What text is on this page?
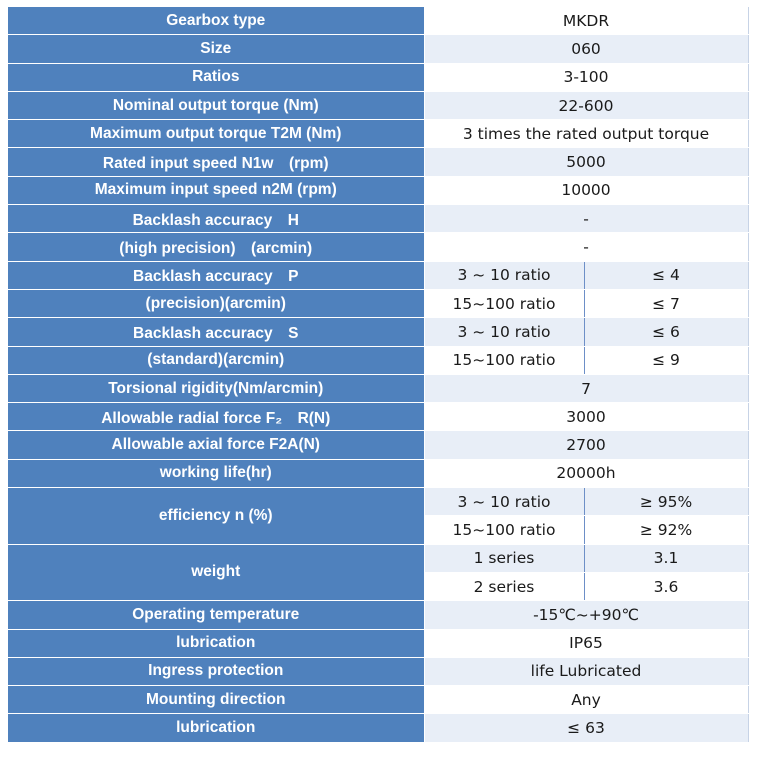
Gearbox type	MKDR	
Size	060	
Ratios	3-100	
Nominal output torque (Nm)	22-600	
Maximum output torque T2M (Nm)	3 times the rated output torque	
Rated input speed N1w　(rpm)	5000	
Maximum input speed n2M (rpm)	10000	
Backlash accuracy　H	-	
(high precision)　(arcmin)	-	
Backlash accuracy　P	3 ~ 10 ratio	≤ 4
(precision)(arcmin)	15~100 ratio	≤ 7
Backlash accuracy　S	3 ~ 10 ratio	≤ 6
(standard)(arcmin)	15~100 ratio	≤ 9
Torsional rigidity(Nm/arcmin)	7	
Allowable radial force F₂　R(N)	3000	
Allowable axial force F2A(N)	2700	
working life(hr)	20000h	
efficiency n (%)	3 ~ 10 ratio	≥ 95%
	15~100 ratio	≥ 92%
weight	1 series	3.1
	2 series	3.6
Operating temperature	-15℃~+90℃	
lubrication	IP65	
Ingress protection	life Lubricated	
Mounting direction	Any	
lubrication	≤ 63	
